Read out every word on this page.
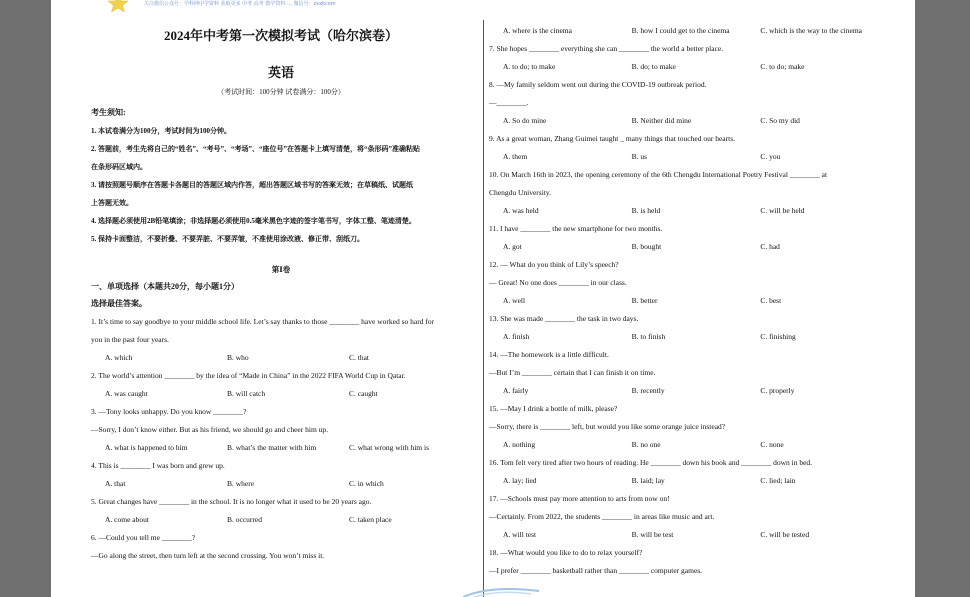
关注微信公众号：学科网中学资料 获取更多 中考 高考 教学资料 … 微信号：zxxkcom
2024年中考第一次模拟考试（哈尔滨卷）
英语
（考试时间：100分钟 试卷满分：100分）
考生须知:
1. 本试卷满分为100分，考试时间为100分钟。
2. 答题前，考生先将自己的“姓名”、“考号”、“考场”、“座位号”在答题卡上填写清楚，将“条形码”准确粘贴
在条形码区域内。
3. 请按照题号顺序在答题卡各题目的答题区域内作答，超出答题区域书写的答案无效；在草稿纸、试题纸
上答题无效。
4. 选择题必须使用2B铅笔填涂；非选择题必须使用0.5毫米黑色字迹的签字笔书写，字体工整、笔迹清楚。
5. 保持卡面整洁，不要折叠、不要弄脏、不要弄皱，不准使用涂改液、修正带、刮纸刀。
第Ⅰ卷
一、单项选择（本题共20分，每小题1分）
选择最佳答案。
1. It’s time to say goodbye to your middle school life. Let’s say thanks to those ________ have worked so hard for
you in the past four years.
A. which	B. who	C. that
2. The world’s attention ________ by the idea of “Made in China” in the 2022 FIFA World Cup in Qatar.
A. was caught	B. will catch	C. caught
3. —Tony looks unhappy. Do you know ________?
—Sorry, I don’t know either. But as his friend, we should go and cheer him up.
A. what is happened to him	B. what’s the matter with him	C. what wrong with him is
4. This is ________ I was born and grew up.
A. that	B. where	C. in which
5. Great changes have ________ in the school. It is no longer what it used to be 20 years ago.
A. come about	B. occurred	C. taken place
6. —Could you tell me ________?
—Go along the street, then turn left at the second crossing. You won’t miss it.
A. where is the cinema	B. how I could get to the cinema	C. which is the way to the cinema
7. She hopes ________ everything she can ________ the world a better place.
A. to do; to make	B. do; to make	C. to do; make
8. —My family seldom went out during the COVID-19 outbreak period.
—________.
A. So do mine	B. Neither did mine	C. So my did
9. As a great woman, Zhang Guimei taught _ many things that touched our hearts.
A. them	B. us	C. you
10. On March 16th in 2023, the opening ceremony of the 6th Chengdu International Poetry Festival ________ at
Chengdu University.
A. was held	B. is held	C. will be held
11. I have ________ the new smartphone for two months.
A. got	B. bought	C. had
12. — What do you think of Lily’s speech?
— Great! No one does ________ in our class.
A. well	B. better	C. best
13. She was made ________ the task in two days.
A. finish	B. to finish	C. finishing
14. —The homework is a little difficult.
—But I’m ________ certain that I can finish it on time.
A. fairly	B. recently	C. properly
15. —May I drink a bottle of milk, please?
—Sorry, there is ________ left, but would you like some orange juice instead?
A. nothing	B. no one	C. none
16. Tom felt very tired after two hours of reading. He ________ down his book and ________ down in bed.
A. lay; lied	B. laid; lay	C. lied; lain
17. —Schools must pay more attention to arts from now on!
—Certainly. From 2022, the students ________ in areas like music and art.
A. will test	B. will be test	C. will be tested
18. —What would you like to do to relax yourself?
—I prefer ________ basketball rather than ________ computer games.
